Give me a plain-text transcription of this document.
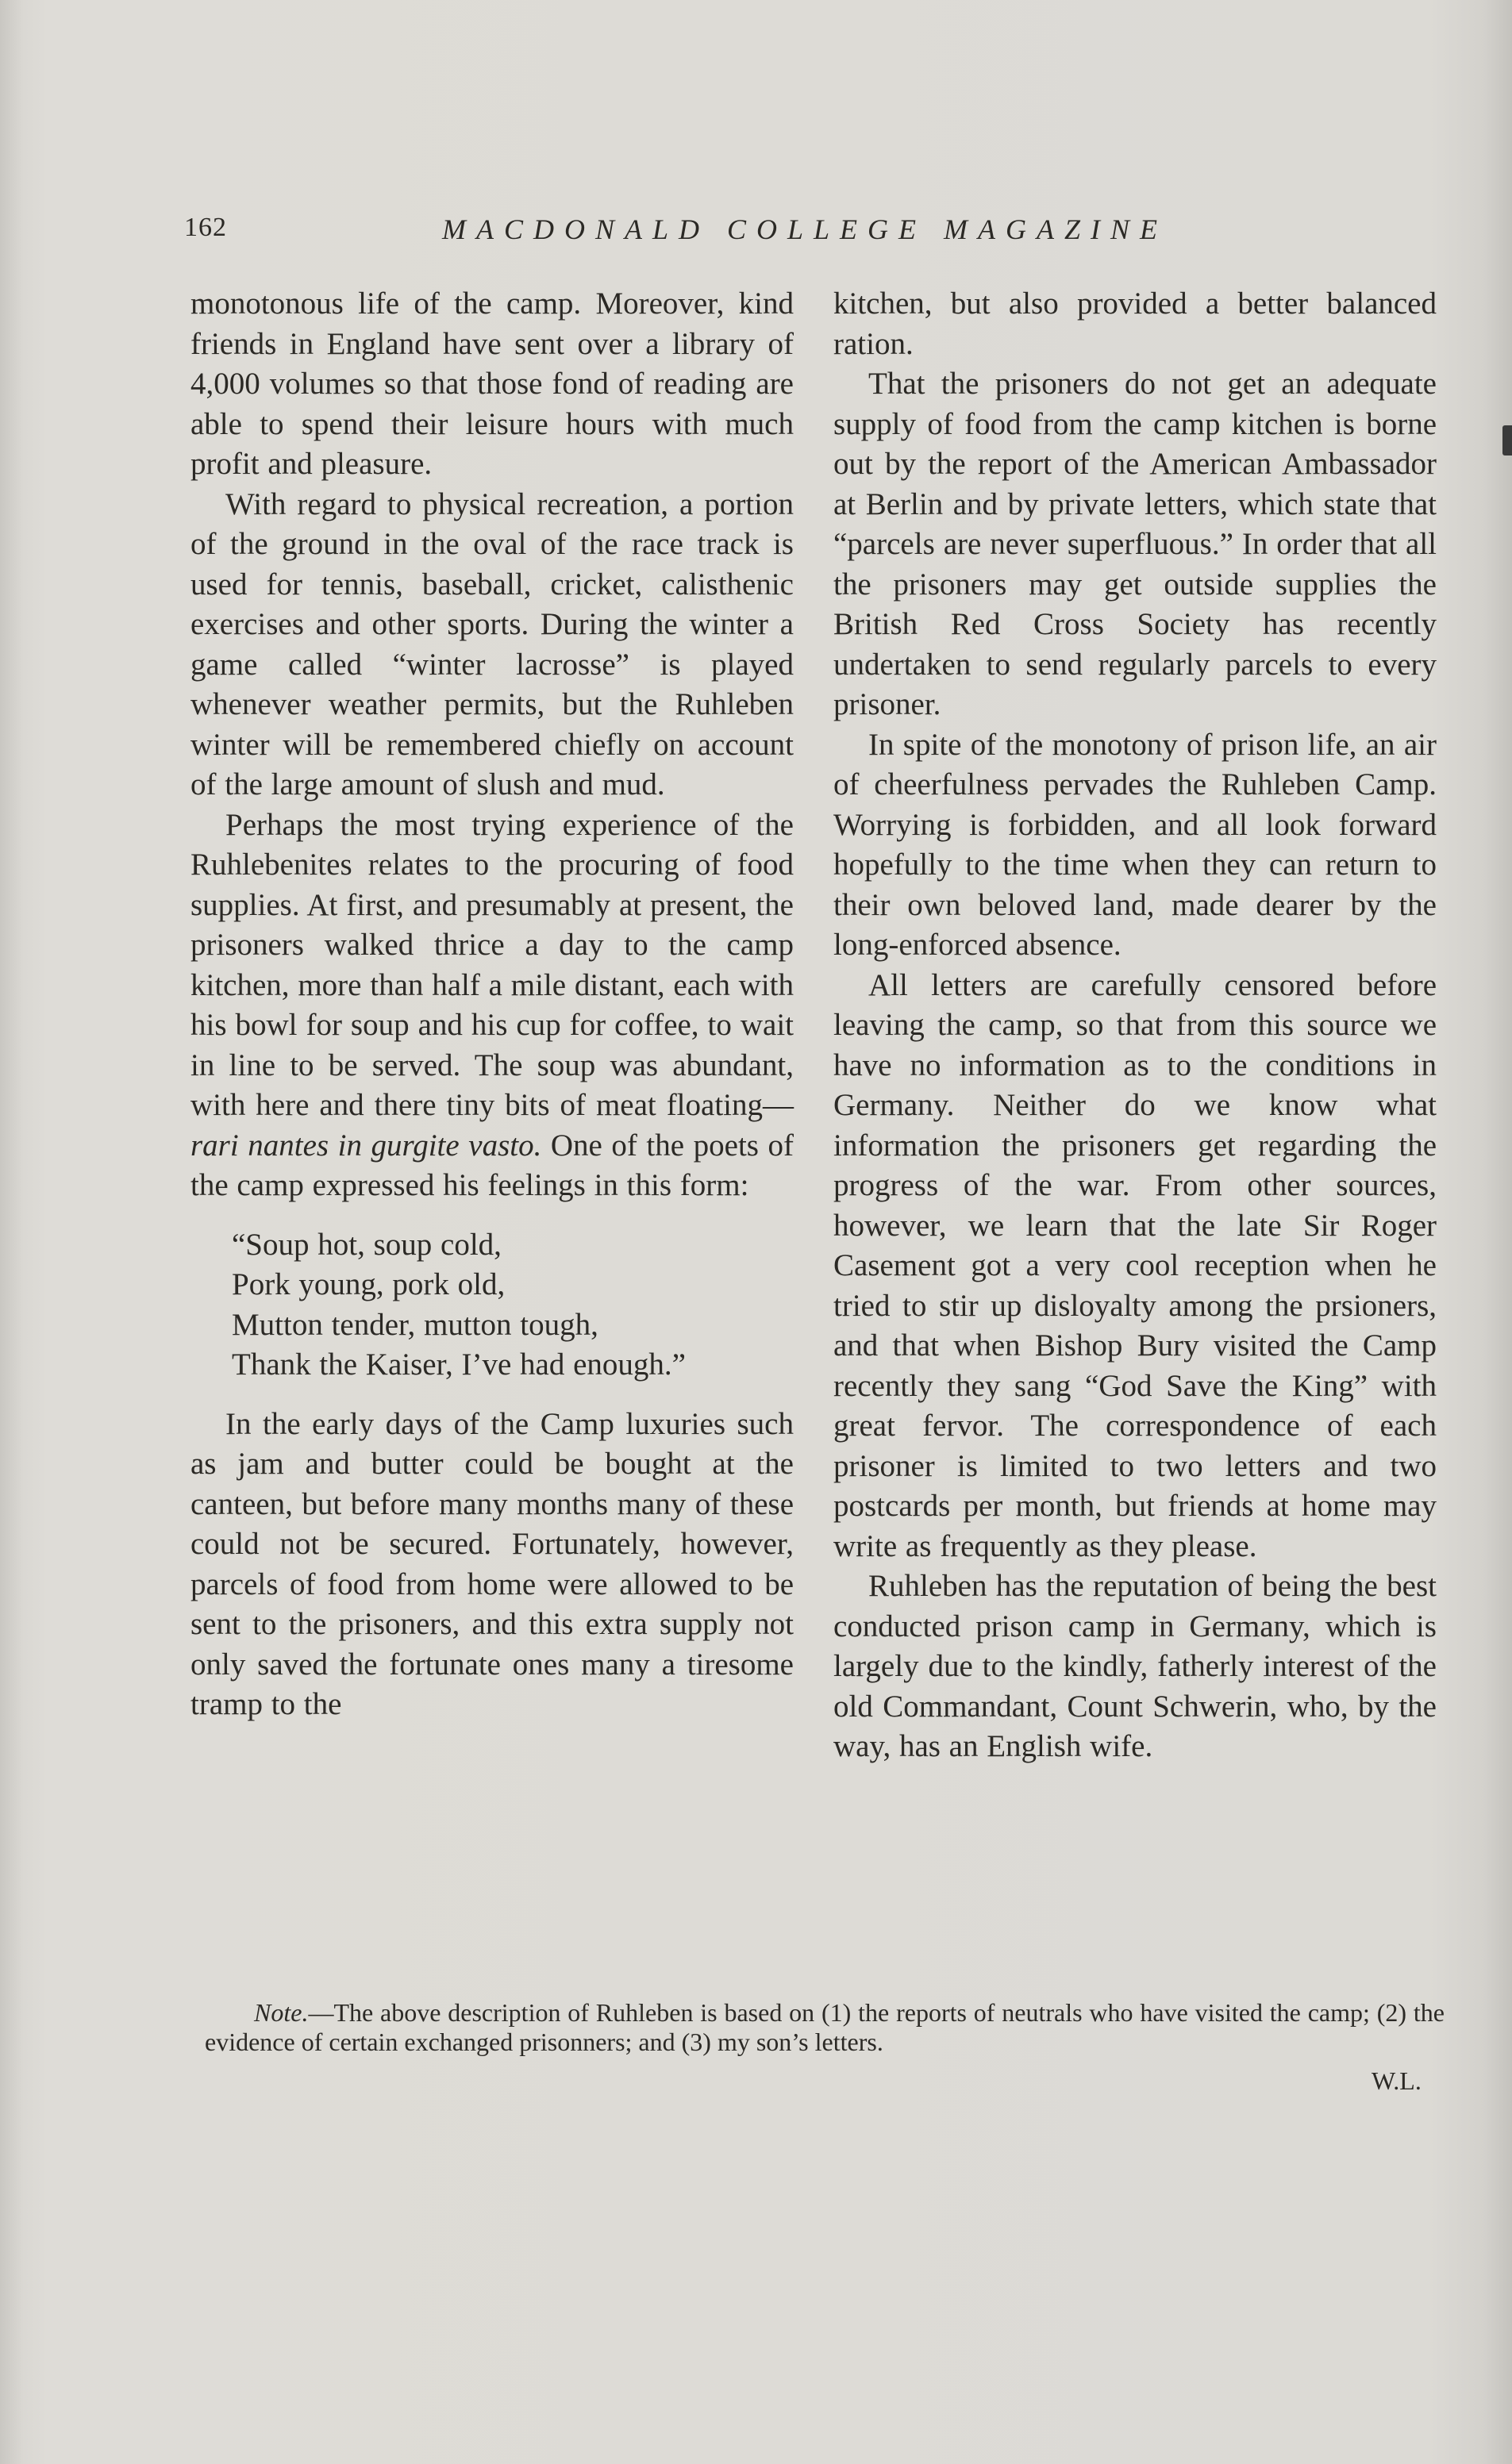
162	MACDONALD COLLEGE MAGAZINE

monotonous life of the camp. Moreover, kind friends in England have sent over a library of 4,000 volumes so that those fond of reading are able to spend their leisure hours with much profit and pleasure.

With regard to physical recreation, a portion of the ground in the oval of the race track is used for tennis, baseball, cricket, calisthenic exercises and other sports. During the winter a game called “winter lacrosse” is played whenever weather permits, but the Ruhleben winter will be remembered chiefly on account of the large amount of slush and mud.

Perhaps the most trying experience of the Ruhlebenites relates to the procuring of food supplies. At first, and presumably at present, the prisoners walked thrice a day to the camp kitchen, more than half a mile distant, each with his bowl for soup and his cup for coffee, to wait in line to be served. The soup was abundant, with here and there tiny bits of meat floating—rari nantes in gurgite vasto. One of the poets of the camp expressed his feelings in this form:

“Soup hot, soup cold,
Pork young, pork old,
Mutton tender, mutton tough,
Thank the Kaiser, I’ve had enough.”

In the early days of the Camp luxuries such as jam and butter could be bought at the canteen, but before many months many of these could not be secured. Fortunately, however, parcels of food from home were allowed to be sent to the prisoners, and this extra supply not only saved the fortunate ones many a tiresome tramp to the

kitchen, but also provided a better balanced ration.

That the prisoners do not get an adequate supply of food from the camp kitchen is borne out by the report of the American Ambassador at Berlin and by private letters, which state that “parcels are never superfluous.” In order that all the prisoners may get outside supplies the British Red Cross Society has recently undertaken to send regularly parcels to every prisoner.

In spite of the monotony of prison life, an air of cheerfulness pervades the Ruhleben Camp. Worrying is forbidden, and all look forward hopefully to the time when they can return to their own beloved land, made dearer by the long-enforced absence.

All letters are carefully censored before leaving the camp, so that from this source we have no information as to the conditions in Germany. Neither do we know what information the prisoners get regarding the progress of the war. From other sources, however, we learn that the late Sir Roger Casement got a very cool reception when he tried to stir up disloyalty among the prsioners, and that when Bishop Bury visited the Camp recently they sang “God Save the King” with great fervor. The correspondence of each prisoner is limited to two letters and two postcards per month, but friends at home may write as frequently as they please.

Ruhleben has the reputation of being the best conducted prison camp in Germany, which is largely due to the kindly, fatherly interest of the old Commandant, Count Schwerin, who, by the way, has an English wife.

Note.—The above description of Ruhleben is based on (1) the reports of neutrals who have visited the camp; (2) the evidence of certain exchanged prisonners; and (3) my son’s letters.

W.L.
